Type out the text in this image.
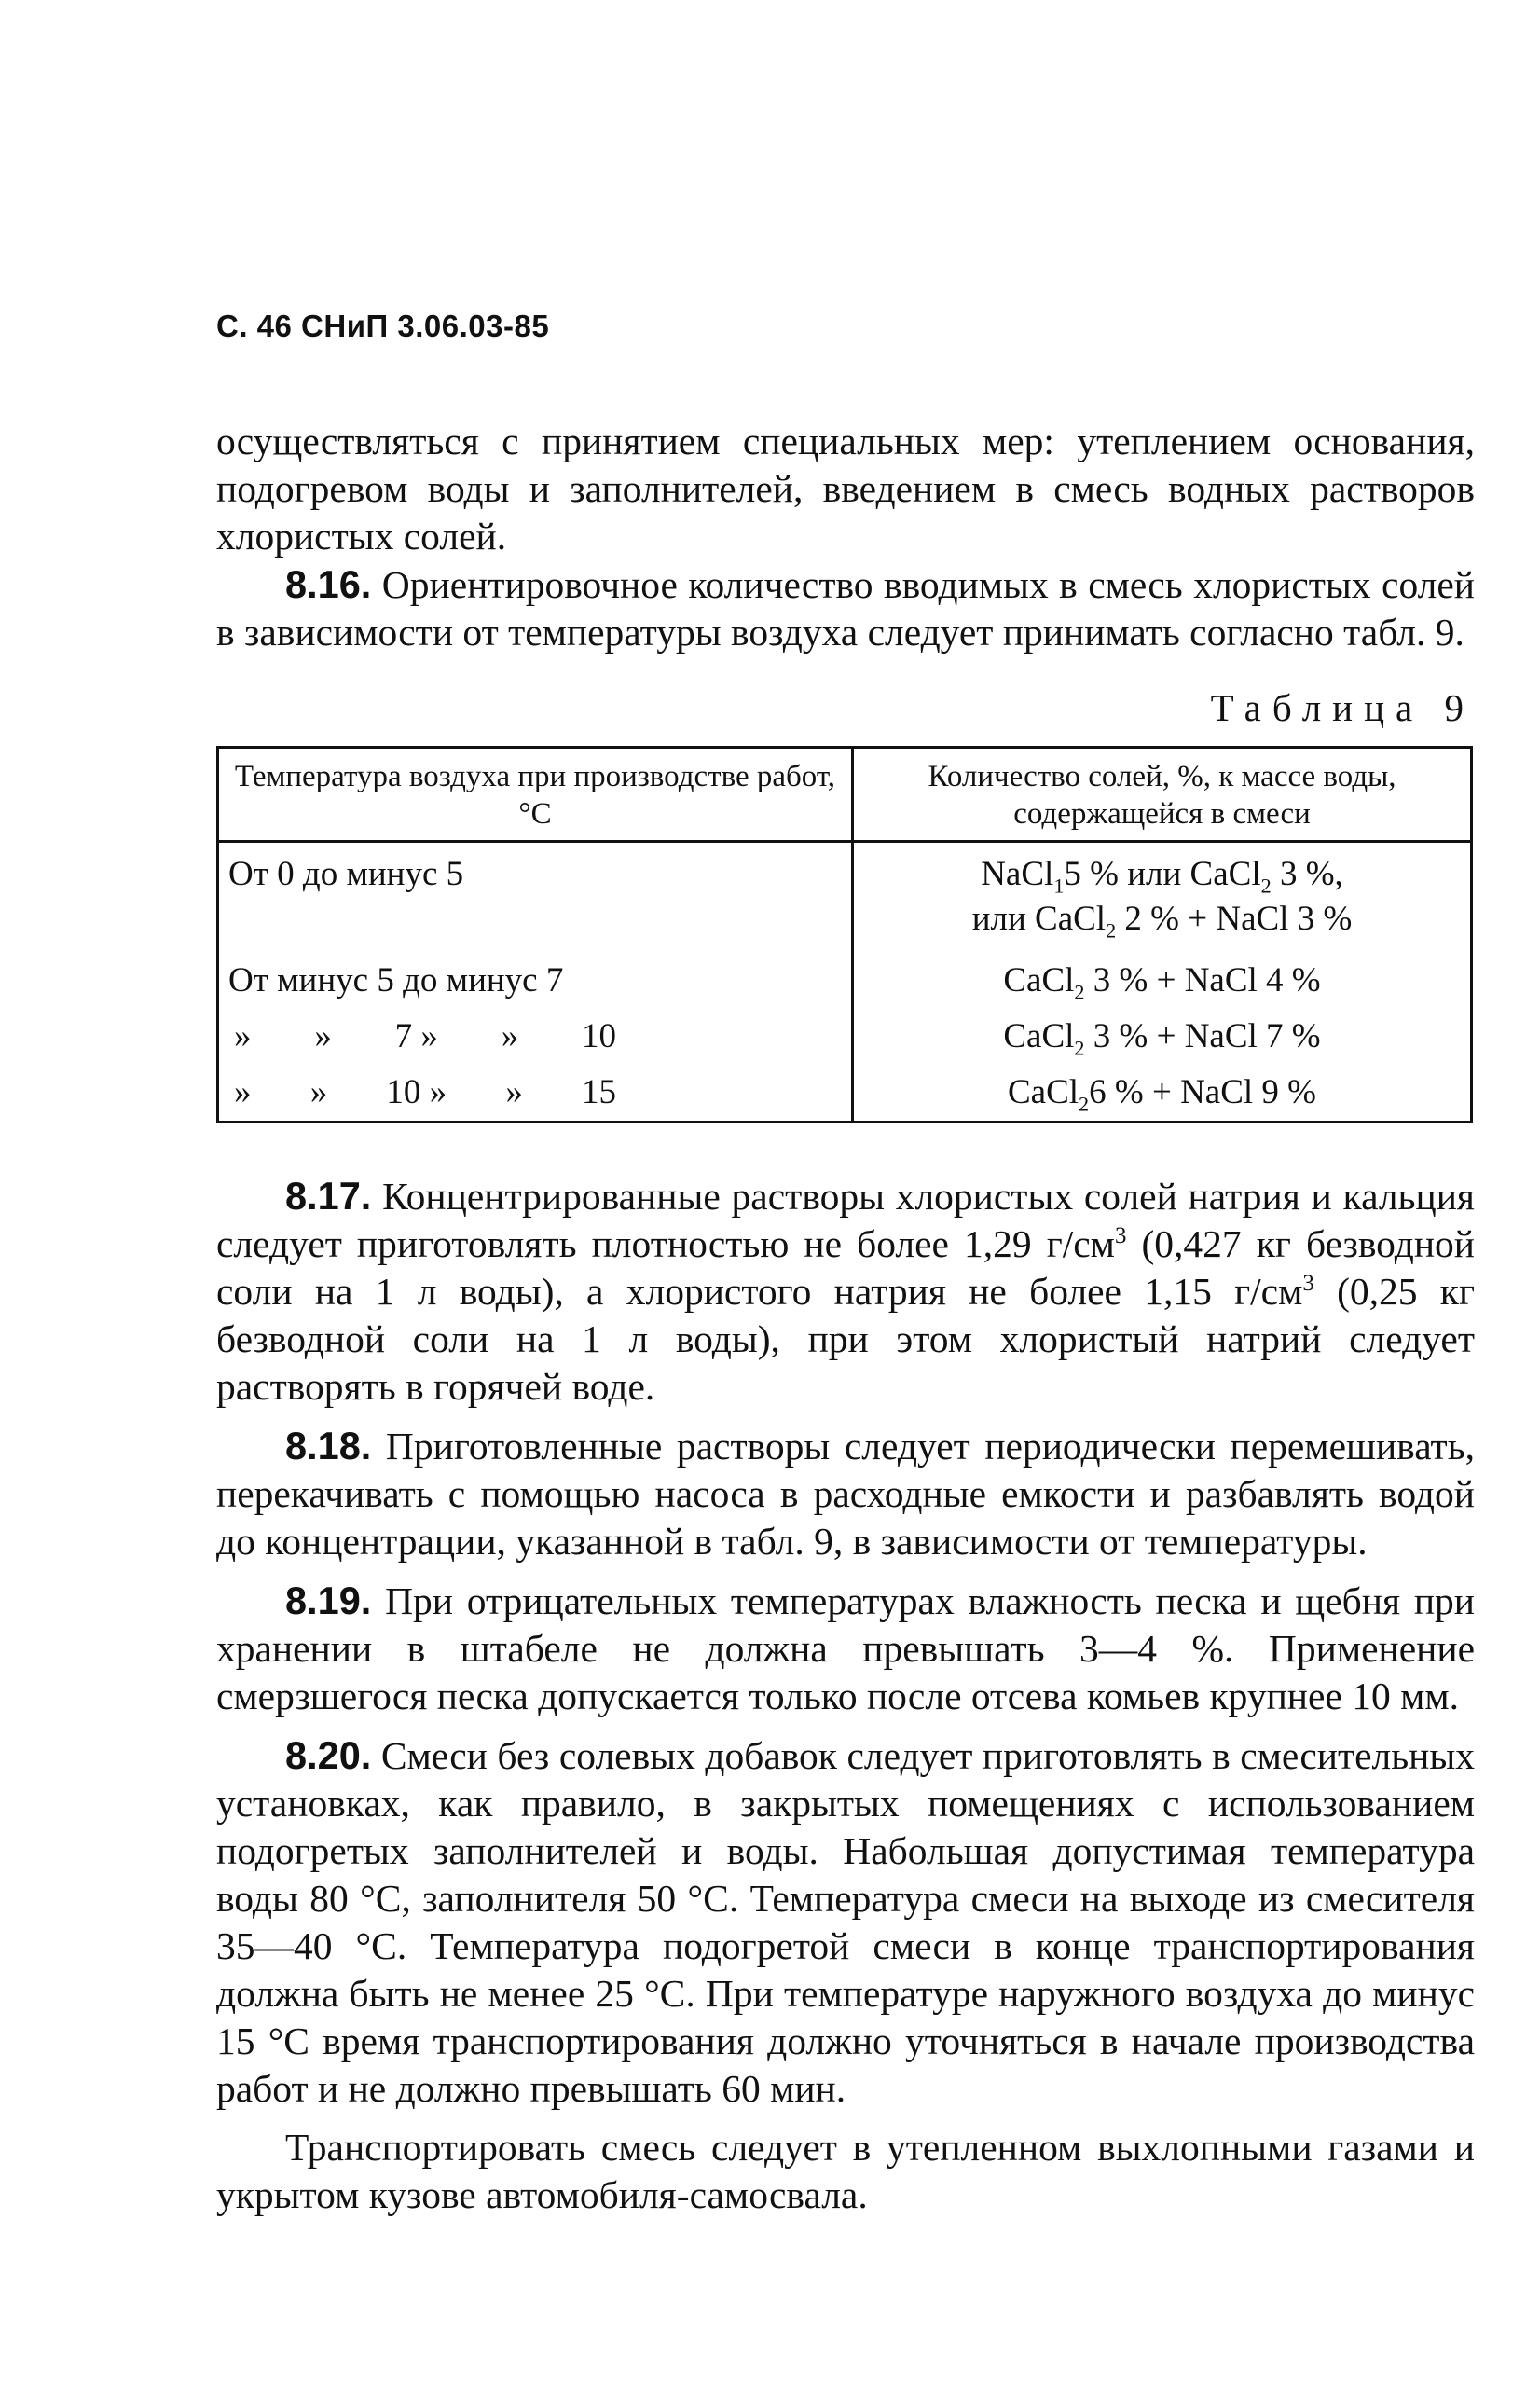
С. 46 СНиП 3.06.03-85

осуществляться с принятием специальных мер: утеплением основания, подогревом воды и заполнителей, введением в смесь водных растворов хлористых солей.

8.16. Ориентировочное количество вводимых в смесь хлористых солей в зависимости от температуры воздуха следует принимать согласно табл. 9.

Таблица 9
Температура воздуха при производстве работ, °С	Количество солей, %, к массе воды, содержащейся в смеси
От 0 до минус 5	NaCl$_1$5 % или CaCl$_2$ 3 %,
или CaCl$_2$ 2 % + NaCl 3 %

От минус 5 до минус 7	CaCl$_2$ 3 % + NaCl 4 %

» » 7 » » 10	CaCl$_2$ 3 % + NaCl 7 %

» » 10 » » 15	CaCl$_2$6 % + NaCl 9 %

8.17. Концентрированные растворы хлористых солей натрия и кальция следует приготовлять плотностью не более 1,29 $г/см^3$ (0,427 кг безводной соли на 1 л воды), а хлористого натрия не более 1,15 $г/см^3$ (0,25 кг безводной соли на 1 л воды), при этом хлористый натрий следует растворять в горячей воде.

8.18. Приготовленные растворы следует периодически перемешивать, перекачивать с помощью насоса в расходные емкости и разбавлять водой до концентрации, указанной в табл. 9, в зависимости от температуры.

8.19. При отрицательных температурах влажность песка и щебня при хранении в штабеле не должна превышать 3—4 %. Применение смерзшегося песка допускается только после отсева комьев крупнее 10 мм.

8.20. Смеси без солевых добавок следует приготовлять в смесительных установках, как правило, в закрытых помещениях с использованием подогретых заполнителей и воды. Набольшая допустимая температура воды 80 °С, заполнителя 50 °С. Температура смеси на выходе из смесителя 35—40 °С. Температура подогретой смеси в конце транспортирования должна быть не менее 25 °С. При температуре наружного воздуха до минус 15 °С время транспортирования должно уточняться в начале производства работ и не должно превышать 60 мин.

Транспортировать смесь следует в утепленном выхлопными газами и укрытом кузове автомобиля-самосвала.
